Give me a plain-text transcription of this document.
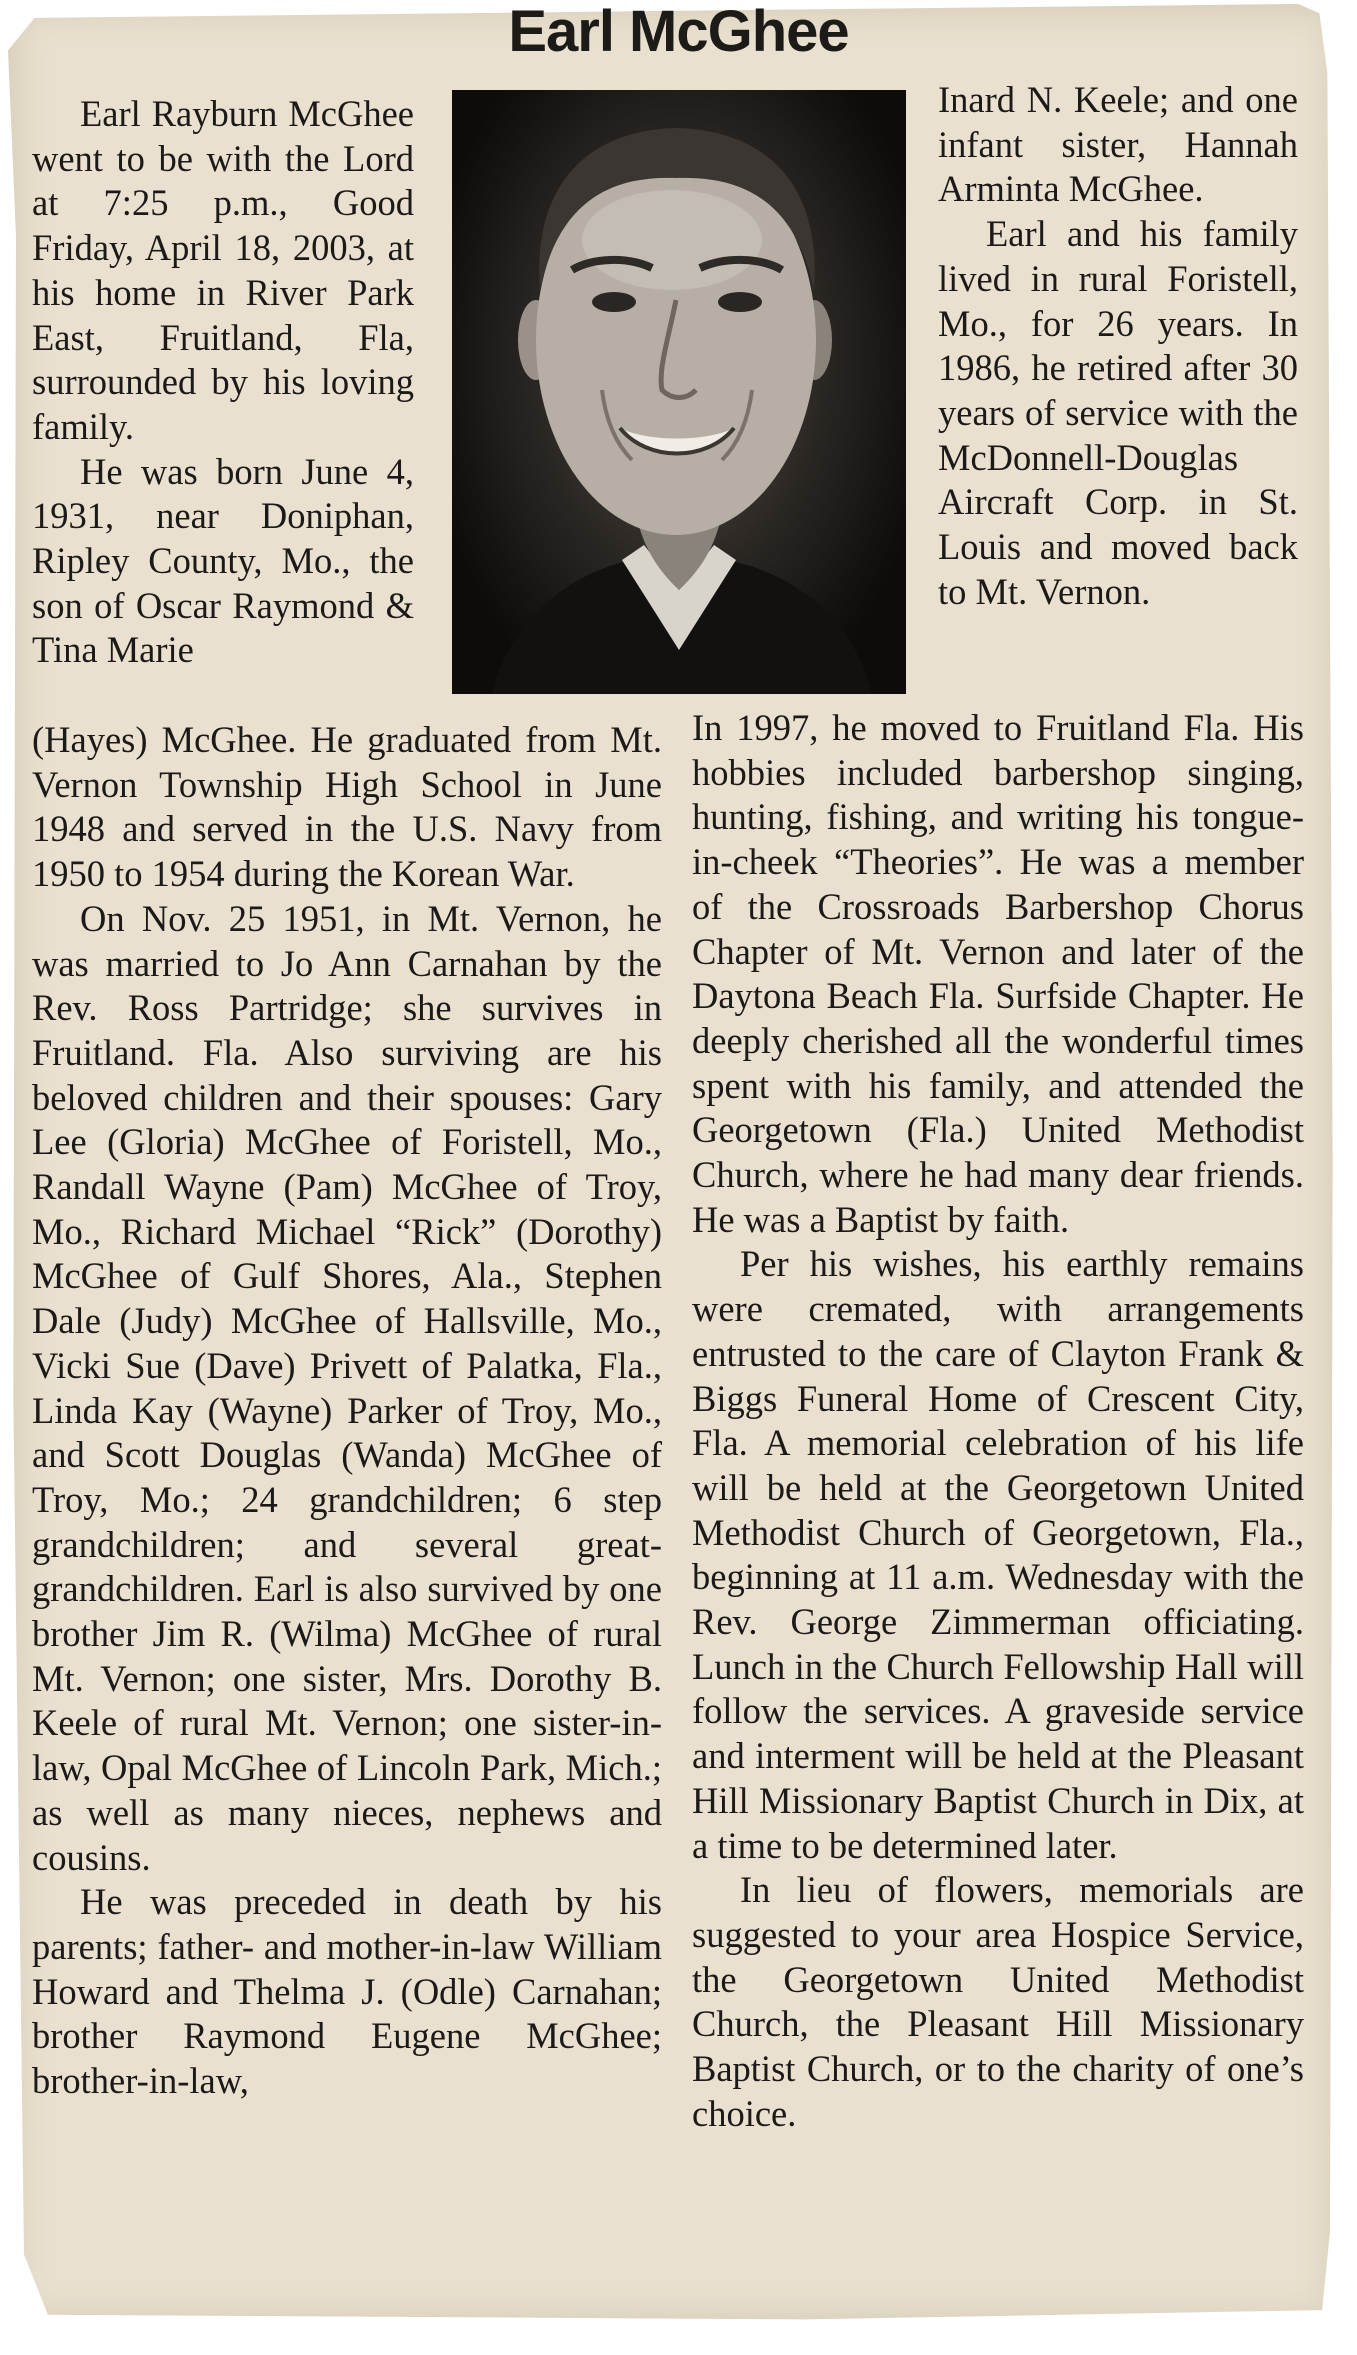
Earl McGhee

Earl Rayburn McGhee went to be with the Lord at 7:25 p.m., Good Friday, April 18, 2003, at his home in River Park East, Fruitland, Fla, surrounded by his loving family.

He was born June 4, 1931, near Doniphan, Ripley County, Mo., the son of Oscar Raymond & Tina Marie

Inard N. Keele; and one infant sister, Hannah Arminta McGhee.

Earl and his family lived in rural Foristell, Mo., for 26 years. In 1986, he retired after 30 years of service with the McDonnell-Douglas Aircraft Corp. in St. Louis and moved back to Mt. Vernon.

(Hayes) McGhee. He graduated from Mt. Vernon Township High School in June 1948 and served in the U.S. Navy from 1950 to 1954 during the Korean War.

On Nov. 25 1951, in Mt. Vernon, he was married to Jo Ann Carnahan by the Rev. Ross Partridge; she survives in Fruitland. Fla. Also surviving are his beloved children and their spouses: Gary Lee (Gloria) McGhee of Foristell, Mo., Randall Wayne (Pam) McGhee of Troy, Mo., Richard Michael “Rick” (Dorothy) McGhee of Gulf Shores, Ala., Stephen Dale (Judy) McGhee of Hallsville, Mo., Vicki Sue (Dave) Privett of Palatka, Fla., Linda Kay (Wayne) Parker of Troy, Mo., and Scott Douglas (Wanda) McGhee of Troy, Mo.; 24 grandchildren; 6 step grandchildren; and several great-grandchildren. Earl is also survived by one brother Jim R. (Wilma) McGhee of rural Mt. Vernon; one sister, Mrs. Dorothy B. Keele of rural Mt. Vernon; one sister-in-law, Opal McGhee of Lincoln Park, Mich.; as well as many nieces, nephews and cousins.

He was preceded in death by his parents; father- and mother-in-law William Howard and Thelma J. (Odle) Carnahan; brother Raymond Eugene McGhee; brother-in-law,

In 1997, he moved to Fruitland Fla. His hobbies included barbershop singing, hunting, fishing, and writing his tongue-in-cheek “Theories”. He was a member of the Crossroads Barbershop Chorus Chapter of Mt. Vernon and later of the Daytona Beach Fla. Surfside Chapter. He deeply cherished all the wonderful times spent with his family, and attended the Georgetown (Fla.) United Methodist Church, where he had many dear friends. He was a Baptist by faith.

Per his wishes, his earthly remains were cremated, with arrangements entrusted to the care of Clayton Frank & Biggs Funeral Home of Crescent City, Fla. A memorial celebration of his life will be held at the Georgetown United Methodist Church of Georgetown, Fla., beginning at 11 a.m. Wednesday with the Rev. George Zimmerman officiating. Lunch in the Church Fellowship Hall will follow the services. A graveside service and interment will be held at the Pleasant Hill Missionary Baptist Church in Dix, at a time to be determined later.

In lieu of flowers, memorials are suggested to your area Hospice Service, the Georgetown United Methodist Church, the Pleasant Hill Missionary Baptist Church, or to the charity of one’s choice.
